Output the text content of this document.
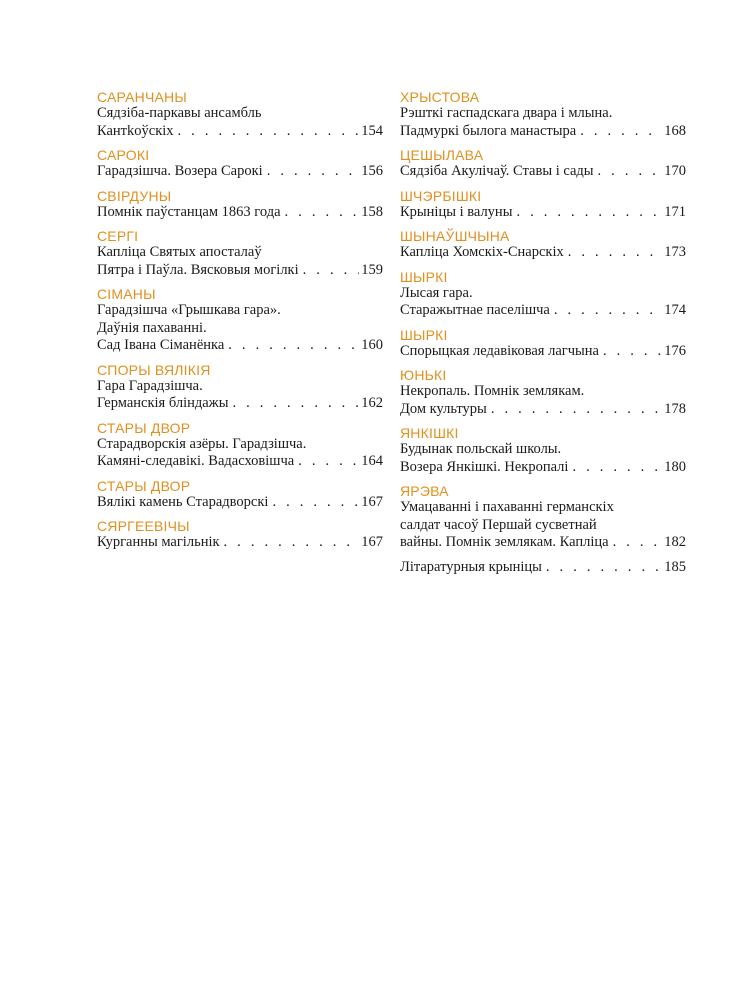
САРАНЧАНЫ
Сядзіба-паркавы ансамбль
Кантkoўскіх . . .	154
САРОКІ
Гарадзішча. Возера Сарокі . . .	156
СВІРДУНЫ
Помнік паўстанцам 1863 года . . .	158
СЕРГІ
Капліца Святых апосталаў
Пятра і Паўла. Вясковыя могілкі . . .	159
СІМАНЫ
Гарадзішча «Грышкава гара».
Даўнія пахаванні.
Сад Івана Сіманёнка . . .	160
СПОРЫ ВЯЛІКІЯ
Гара Гарадзішча.
Германскія бліндажы . . .	162
СТАРЫ ДВОР
Старадворскія азёры. Гарадзішча.
Камяні-следавікі. Вадасховішча . . .	164
СТАРЫ ДВОР
Вялікі камень Старадворскі . . .	167
СЯРГЕЕВІЧЫ
Курганны магільнік . . .	167
ХРЫСТОВА
Рэшткі гаспадскага двара і млына.
Падмуркі былога манастыра . . .	168
ЦЕШЫЛАВА
Сядзіба Акулічаў. Ставы і сады . . .	170
ШЧЭРБІШКІ
Крыніцы і валуны . . .	171
ШЫНАЎШЧЫНА
Капліца Хомскіх-Снарскіх . . .	173
ШЫРКІ
Лысая гара.
Старажытнае паселішча . . .	174
ШЫРКІ
Спорыцкая ледавіковая лагчына . . .	176
ЮНЬКІ
Некропаль. Помнік землякам.
Дом культуры . . .	178
ЯНКІШКІ
Будынак польскай школы.
Возера Янкішкі. Некропалі . . .	180
ЯРЭВА
Умацаванні і пахаванні германскіх
салдат часоў Першай сусветнай
вайны. Помнік землякам. Капліца . . .	182
Літаратурныя крыніцы . . .	185
